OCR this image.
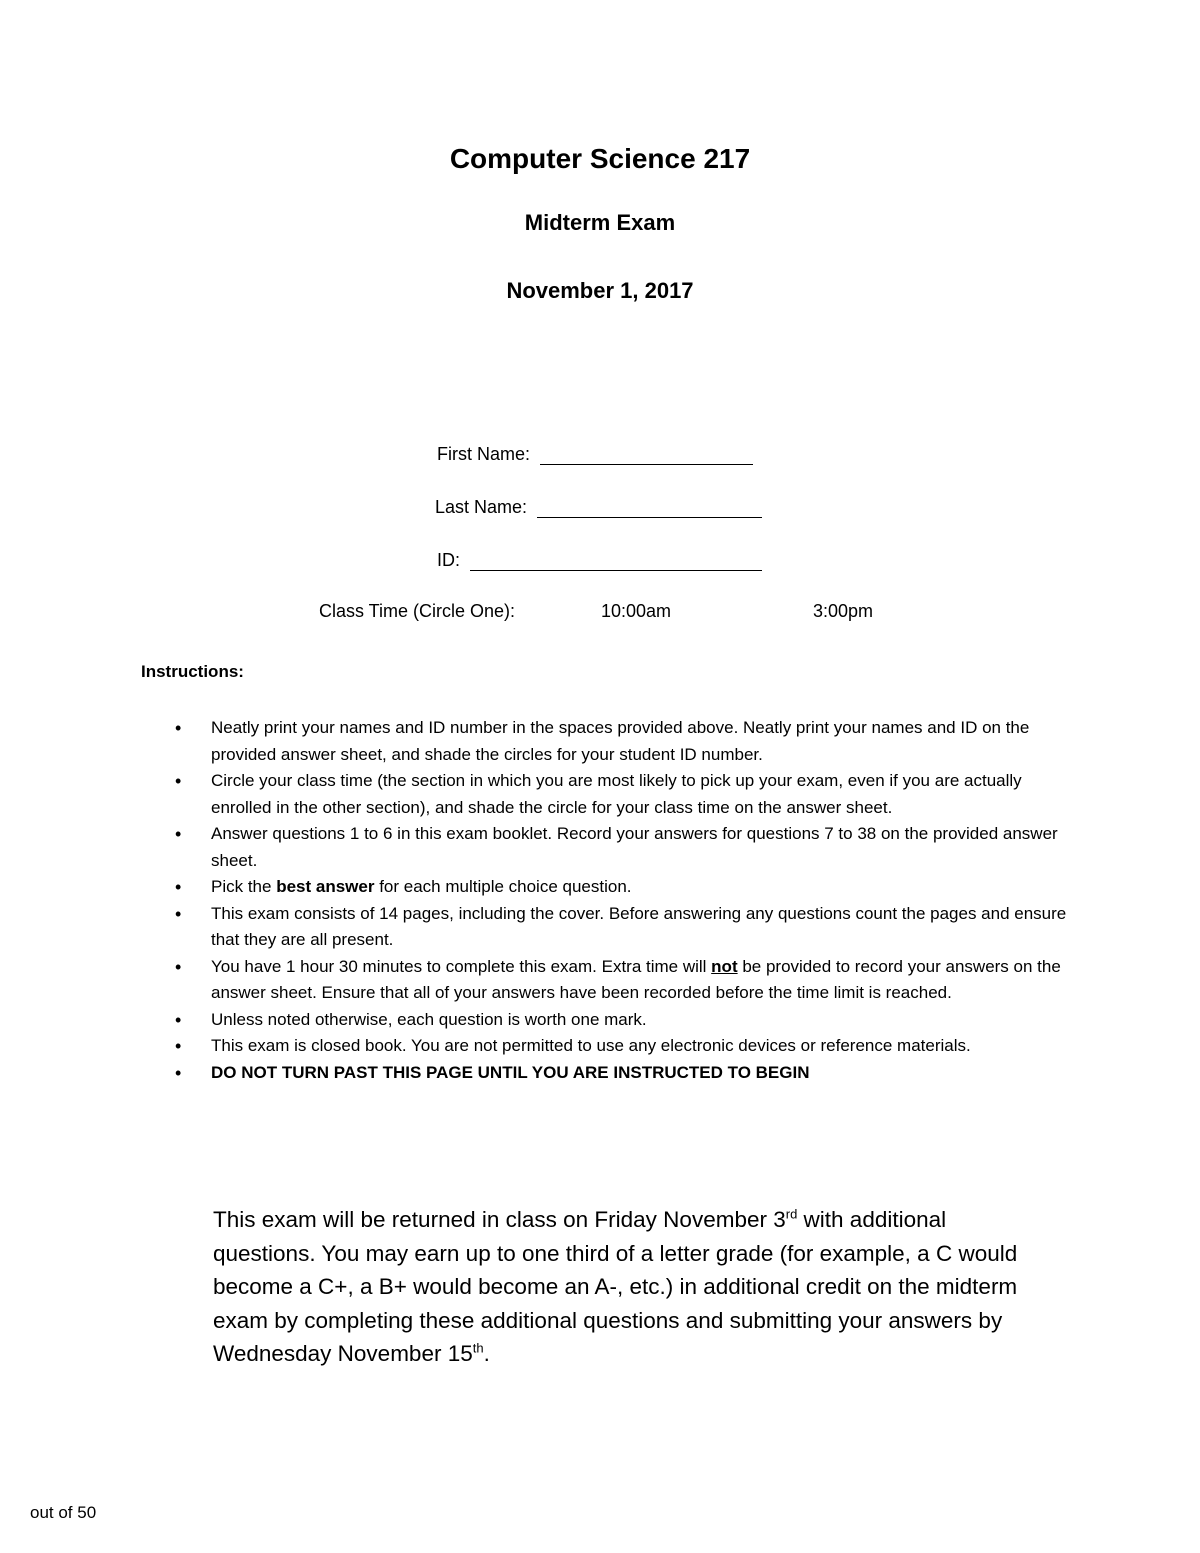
Computer Science 217
Midterm Exam
November 1, 2017
First Name:
Last Name:
ID:
Class Time (Circle One):	10:00am	3:00pm
Instructions:
• Neatly print your names and ID number in the spaces provided above. Neatly print your names and ID on the provided answer sheet, and shade the circles for your student ID number.
• Circle your class time (the section in which you are most likely to pick up your exam, even if you are actually enrolled in the other section), and shade the circle for your class time on the answer sheet.
• Answer questions 1 to 6 in this exam booklet. Record your answers for questions 7 to 38 on the provided answer sheet.
• Pick the best answer for each multiple choice question.
• This exam consists of 14 pages, including the cover. Before answering any questions count the pages and ensure that they are all present.
• You have 1 hour 30 minutes to complete this exam. Extra time will not be provided to record your answers on the answer sheet. Ensure that all of your answers have been recorded before the time limit is reached.
• Unless noted otherwise, each question is worth one mark.
• This exam is closed book. You are not permitted to use any electronic devices or reference materials.
• DO NOT TURN PAST THIS PAGE UNTIL YOU ARE INSTRUCTED TO BEGIN
This exam will be returned in class on Friday November 3rd with additional questions. You may earn up to one third of a letter grade (for example, a C would become a C+, a B+ would become an A-, etc.) in additional credit on the midterm exam by completing these additional questions and submitting your answers by Wednesday November 15th.
out of 50
